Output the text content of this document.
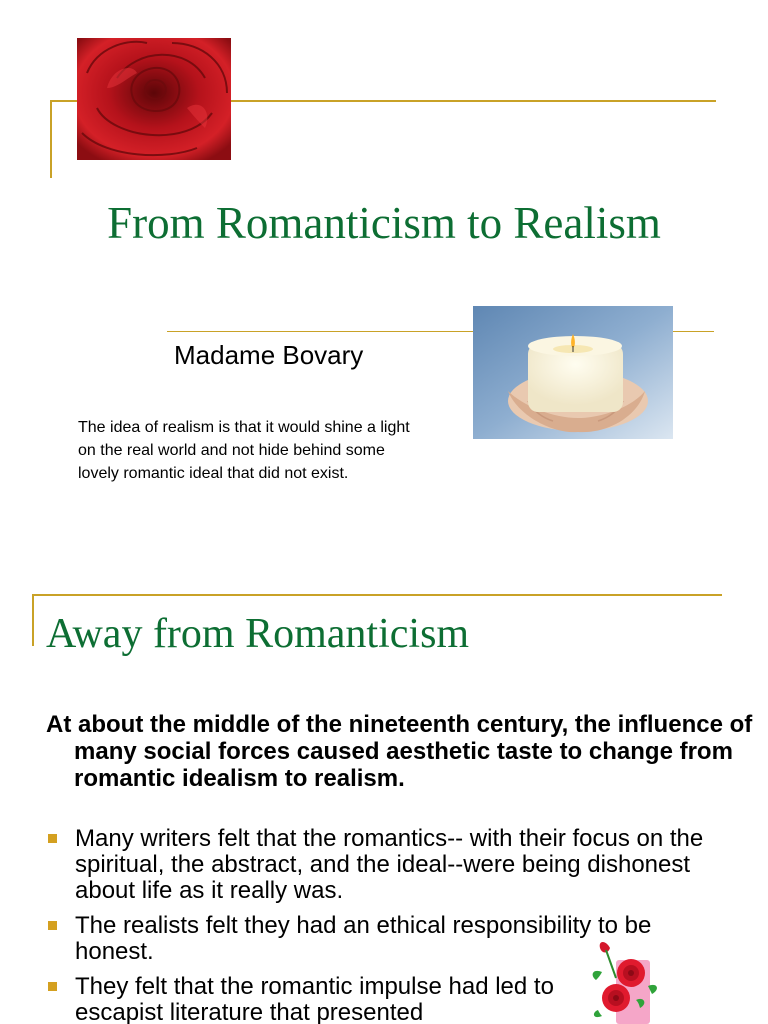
From Romanticism to Realism
Madame Bovary
The idea of realism is that it would shine a light on the real world and not hide behind some lovely romantic ideal that did not exist.
Away from Romanticism
At about the middle of the nineteenth century, the influence of many social forces caused aesthetic taste to change from romantic idealism to realism.
Many writers felt that the romantics-- with their focus on the spiritual, the abstract, and the ideal--were being dishonest about life as it really was.
The realists felt they had an ethical responsibility to be honest.
They felt that the romantic impulse had led to escapist literature that presented
